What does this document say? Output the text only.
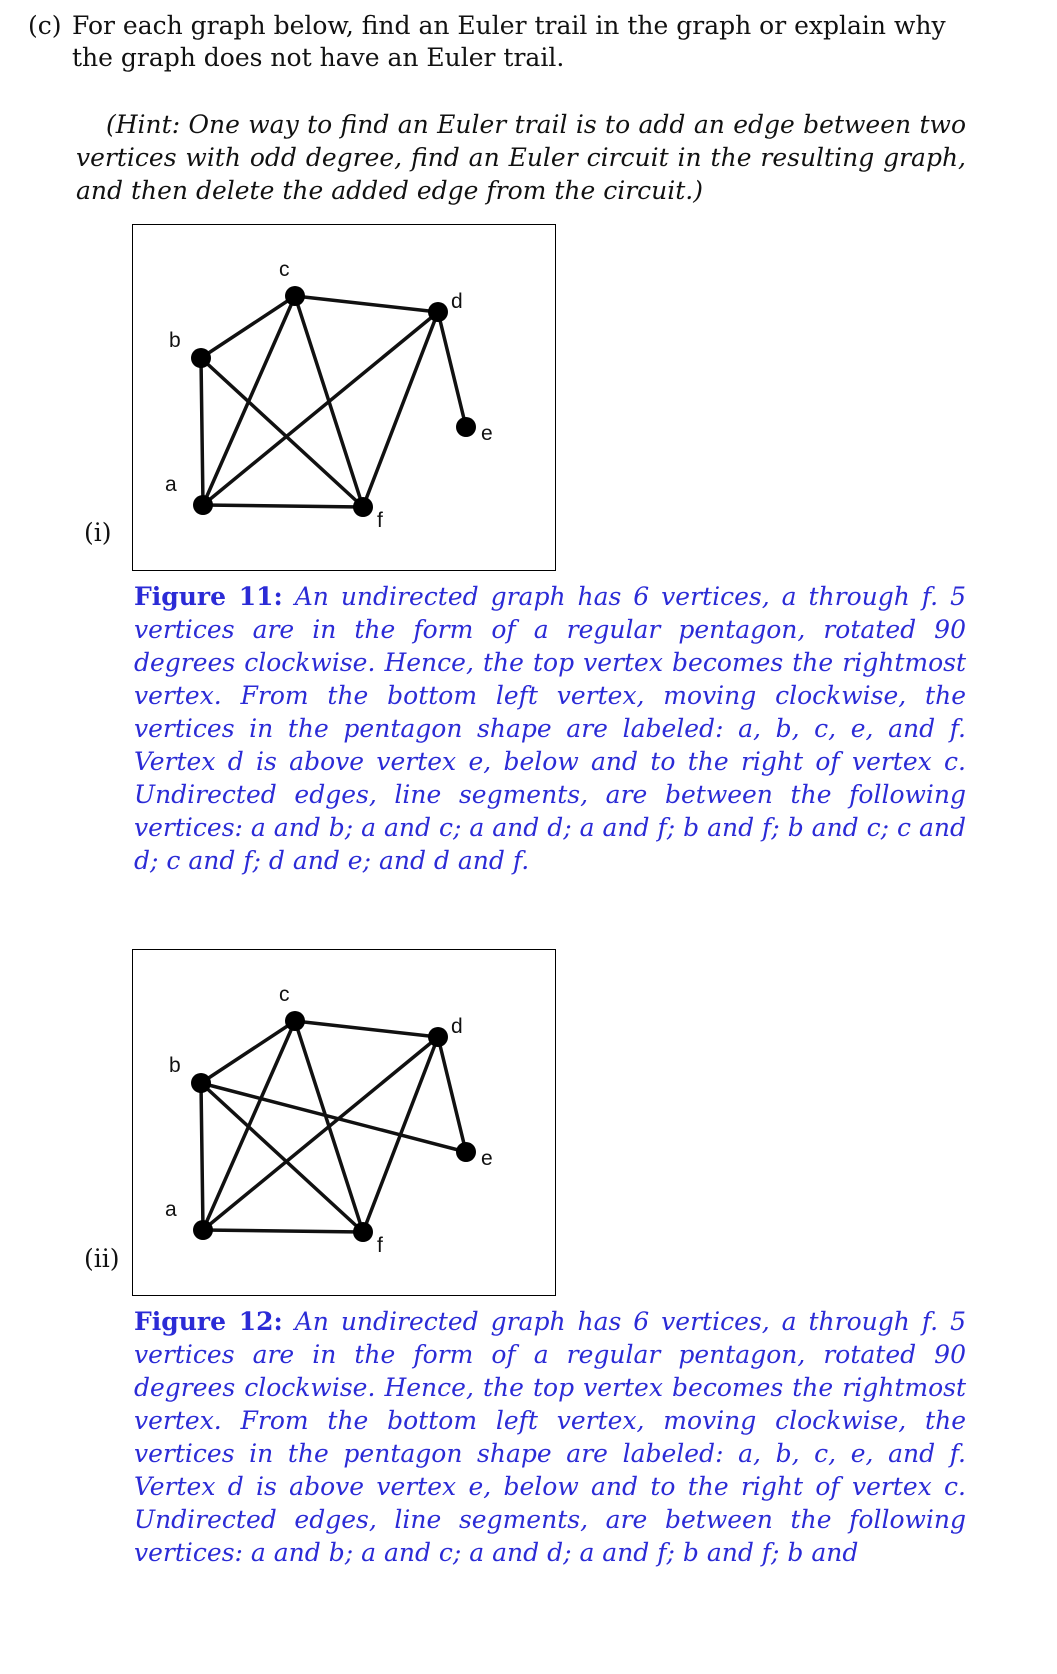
(c) For each graph below, find an Euler trail in the graph or explain why the graph does not have an Euler trail.
(Hint: One way to find an Euler trail is to add an edge between two vertices with odd degree, find an Euler circuit in the resulting graph, and then delete the added edge from the circuit.)
(i)
c
d
b
e
a
f
Figure 11: An undirected graph has 6 vertices, a through f. 5 vertices are in the form of a regular pentagon, rotated 90 degrees clockwise. Hence, the top vertex becomes the rightmost vertex. From the bottom left vertex, moving clockwise, the vertices in the pentagon shape are labeled: a, b, c, e, and f. Vertex d is above vertex e, below and to the right of vertex c. Undirected edges, line segments, are between the following vertices: a and b; a and c; a and d; a and f; b and f; b and c; c and d; c and f; d and e; and d and f.
(ii)
c
d
b
e
a
f
Figure 12: An undirected graph has 6 vertices, a through f. 5 vertices are in the form of a regular pentagon, rotated 90 degrees clockwise. Hence, the top vertex becomes the rightmost vertex. From the bottom left vertex, moving clockwise, the vertices in the pentagon shape are labeled: a, b, c, e, and f. Vertex d is above vertex e, below and to the right of vertex c. Undirected edges, line segments, are between the following vertices: a and b; a and c; a and d; a and f; b and f; b and
